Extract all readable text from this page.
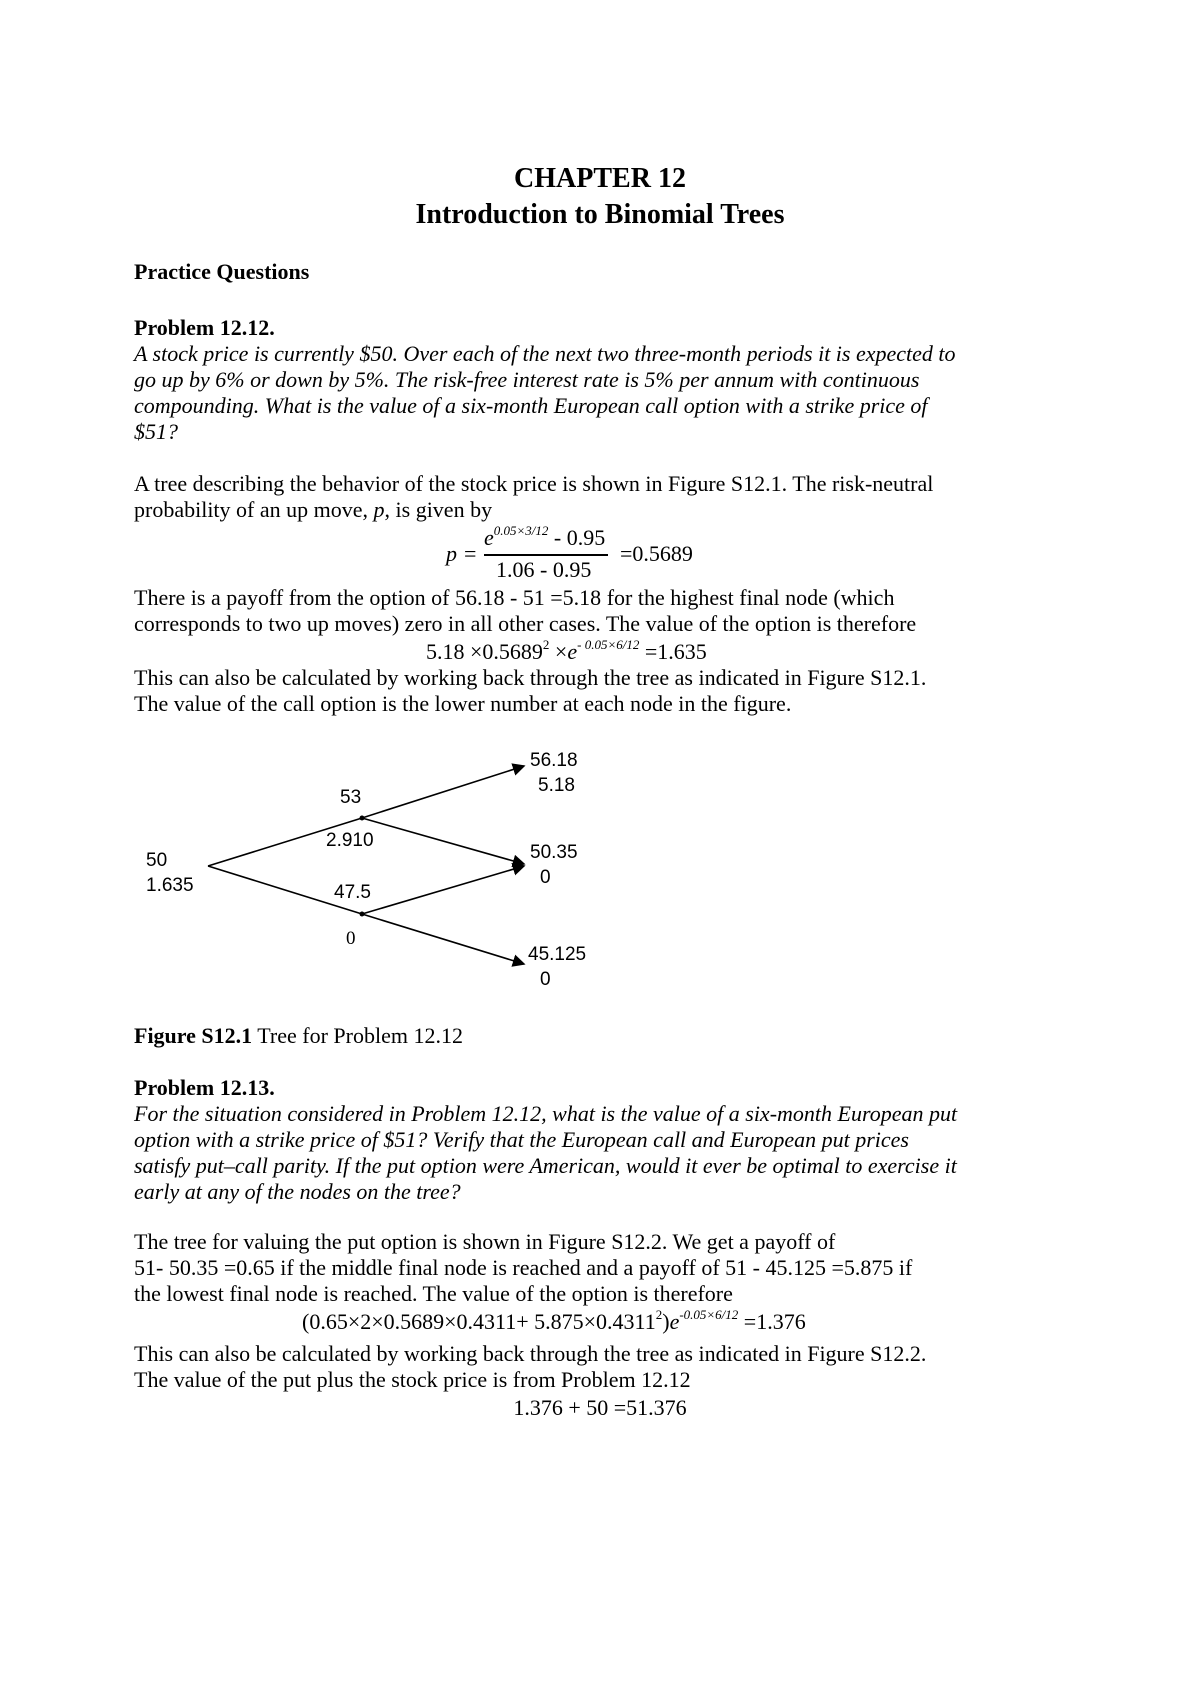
CHAPTER 12
Introduction to Binomial Trees
Practice Questions
Problem 12.12.
A stock price is currently $50. Over each of the next two three-month periods it is expected to
go up by 6% or down by 5%. The risk-free interest rate is 5% per annum with continuous
compounding. What is the value of a six-month European call option with a strike price of
$51?
A tree describing the behavior of the stock price is shown in Figure S12.1. The risk-neutral
probability of an up move, p, is given by
p =
$e^{0.05\times 3/12} - 0.95$
1.06 - 0.95
=0.5689
There is a payoff from the option of 56.18 - 51 =5.18 for the highest final node (which
corresponds to two up moves) zero in all other cases. The value of the option is therefore
$5.18 \times 0.5689^2 \times e^{- 0.05\times 6/12} =1.635$
This can also be calculated by working back through the tree as indicated in Figure S12.1.
The value of the call option is the lower number at each node in the figure.
50
1.635
53
2.910
47.5
0
56.18
5.18
50.35
0
45.125
0
Figure S12.1 Tree for Problem 12.12
Problem 12.13.
For the situation considered in Problem 12.12, what is the value of a six-month European put
option with a strike price of $51? Verify that the European call and European put prices
satisfy put–call parity. If the put option were American, would it ever be optimal to exercise it
early at any of the nodes on the tree?
The tree for valuing the put option is shown in Figure S12.2. We get a payoff of
51- 50.35 =0.65 if the middle final node is reached and a payoff of 51 - 45.125 =5.875 if
the lowest final node is reached. The value of the option is therefore
$(0.65\times 2\times 0.5689\times 0.4311+ 5.875\times 0.4311^2)e^{-0.05\times 6/12} =1.376$
This can also be calculated by working back through the tree as indicated in Figure S12.2.
The value of the put plus the stock price is from Problem 12.12
1.376 + 50 =51.376
